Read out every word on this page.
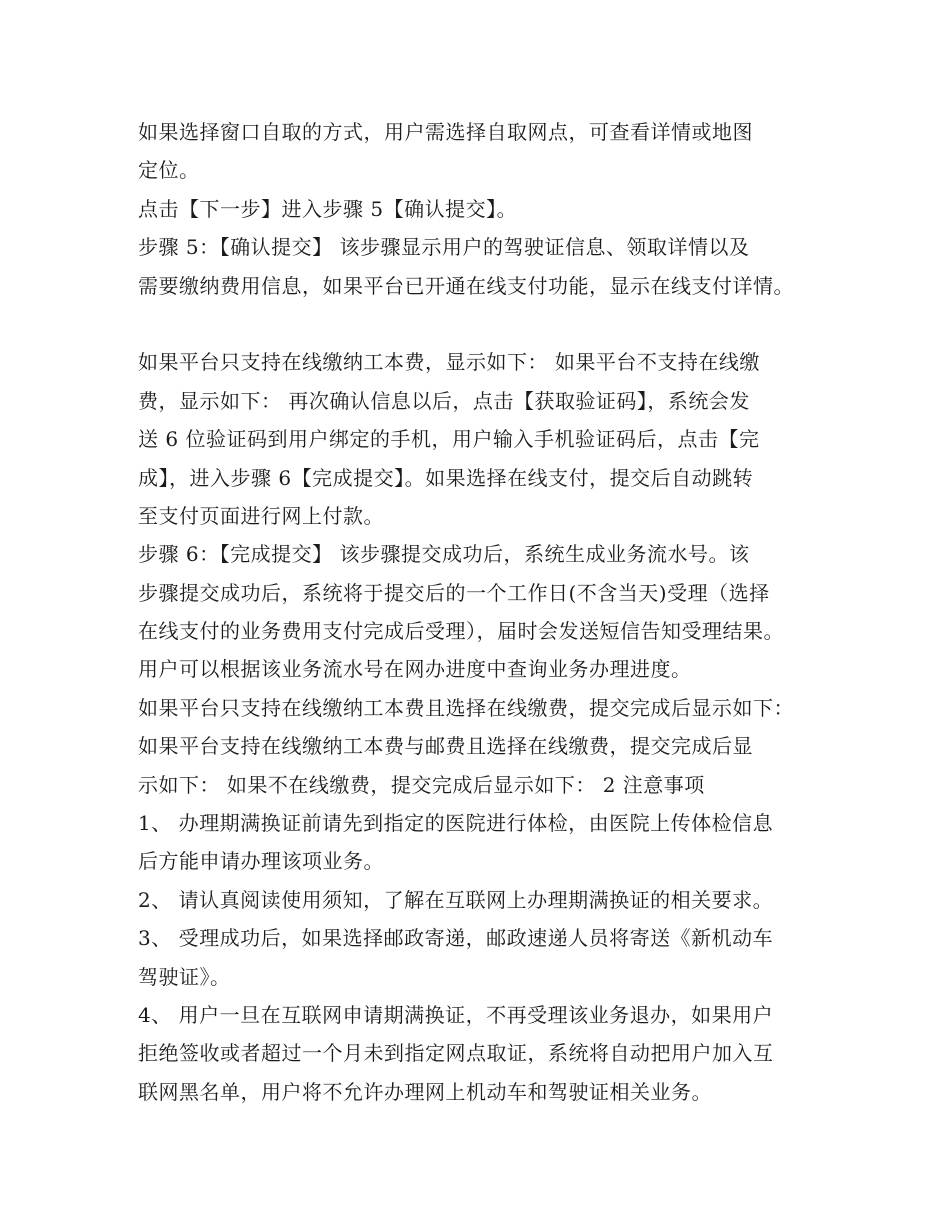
如果选择窗口自取的方式，用户需选择自取网点，可查看详情或地图
定位。
点击【下一步】进入步骤 5【确认提交】。
步骤 5：【确认提交】 该步骤显示用户的驾驶证信息、领取详情以及
需要缴纳费用信息，如果平台已开通在线支付功能，显示在线支付详情。
如果平台只支持在线缴纳工本费，显示如下： 如果平台不支持在线缴
费，显示如下： 再次确认信息以后，点击【获取验证码】，系统会发
送 6 位验证码到用户绑定的手机，用户输入手机验证码后，点击【完
成】，进入步骤 6【完成提交】。如果选择在线支付，提交后自动跳转
至支付页面进行网上付款。
步骤 6：【完成提交】 该步骤提交成功后，系统生成业务流水号。该
步骤提交成功后，系统将于提交后的一个工作日(不含当天)受理（选择
在线支付的业务费用支付完成后受理），届时会发送短信告知受理结果。
用户可以根据该业务流水号在网办进度中查询业务办理进度。
如果平台只支持在线缴纳工本费且选择在线缴费，提交完成后显示如下：
如果平台支持在线缴纳工本费与邮费且选择在线缴费，提交完成后显
示如下： 如果不在线缴费，提交完成后显示如下： 2 注意事项
1、 办理期满换证前请先到指定的医院进行体检，由医院上传体检信息
后方能申请办理该项业务。
2、 请认真阅读使用须知，了解在互联网上办理期满换证的相关要求。
3、 受理成功后，如果选择邮政寄递，邮政速递人员将寄送《新机动车
驾驶证》。
4、 用户一旦在互联网申请期满换证，不再受理该业务退办，如果用户
拒绝签收或者超过一个月未到指定网点取证，系统将自动把用户加入互
联网黑名单，用户将不允许办理网上机动车和驾驶证相关业务。
